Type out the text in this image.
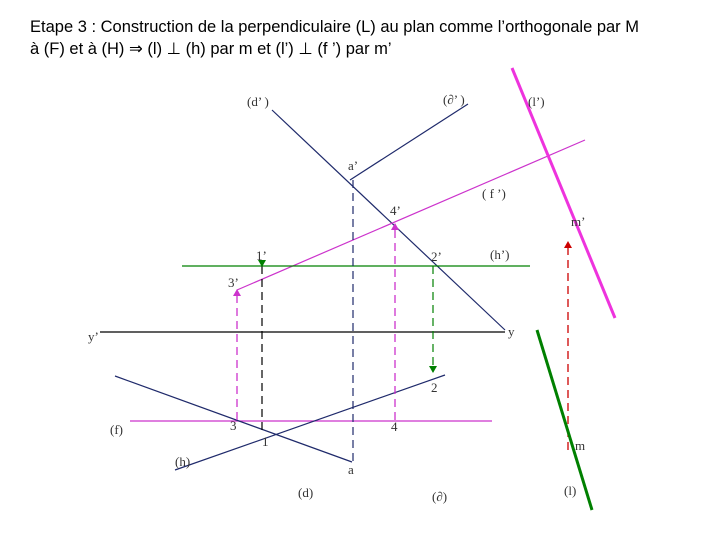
Etape 3 : Construction de la perpendiculaire (L) au plan comme l’orthogonale par M
à (F) et à (H) ⇒ (l) ⊥ (h) par m et (l’) ⊥ (f ’) par m’
(d’ )	(∂’ )	(l’)
a’
( f ’)
4’
m’
1’	2’	(h’)
3’
y’	y
2
(f)	3	4
1	m
(h)
a
(d)	(∂)	(l)
